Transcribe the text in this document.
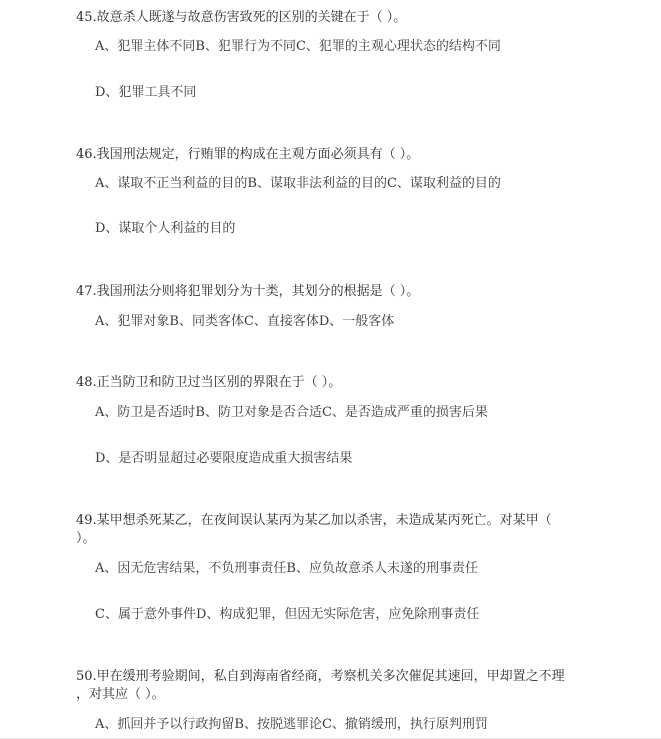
45.故意杀人既遂与故意伤害致死的区别的关键在于（ ）。
A、犯罪主体不同B、犯罪行为不同C、犯罪的主观心理状态的结构不同
D、犯罪工具不同
46.我国刑法规定，行贿罪的构成在主观方面必须具有（ ）。
A、谋取不正当利益的目的B、谋取非法利益的目的C、谋取利益的目的
D、谋取个人利益的目的
47.我国刑法分则将犯罪划分为十类，其划分的根据是（ ）。
A、犯罪对象B、同类客体C、直接客体D、一般客体
48.正当防卫和防卫过当区别的界限在于（ ）。
A、防卫是否适时B、防卫对象是否合适C、是否造成严重的损害后果
D、是否明显超过必要限度造成重大损害结果
49.某甲想杀死某乙，在夜间误认某丙为某乙加以杀害，未造成某丙死亡。对某甲（
）。
A、因无危害结果，不负刑事责任B、应负故意杀人未遂的刑事责任
C、属于意外事件D、构成犯罪，但因无实际危害，应免除刑事责任
50.甲在缓刑考验期间，私自到海南省经商，考察机关多次催促其速回，甲却置之不理
，对其应（ ）。
A、抓回并予以行政拘留B、按脱逃罪论C、撤销缓刑，执行原判刑罚
